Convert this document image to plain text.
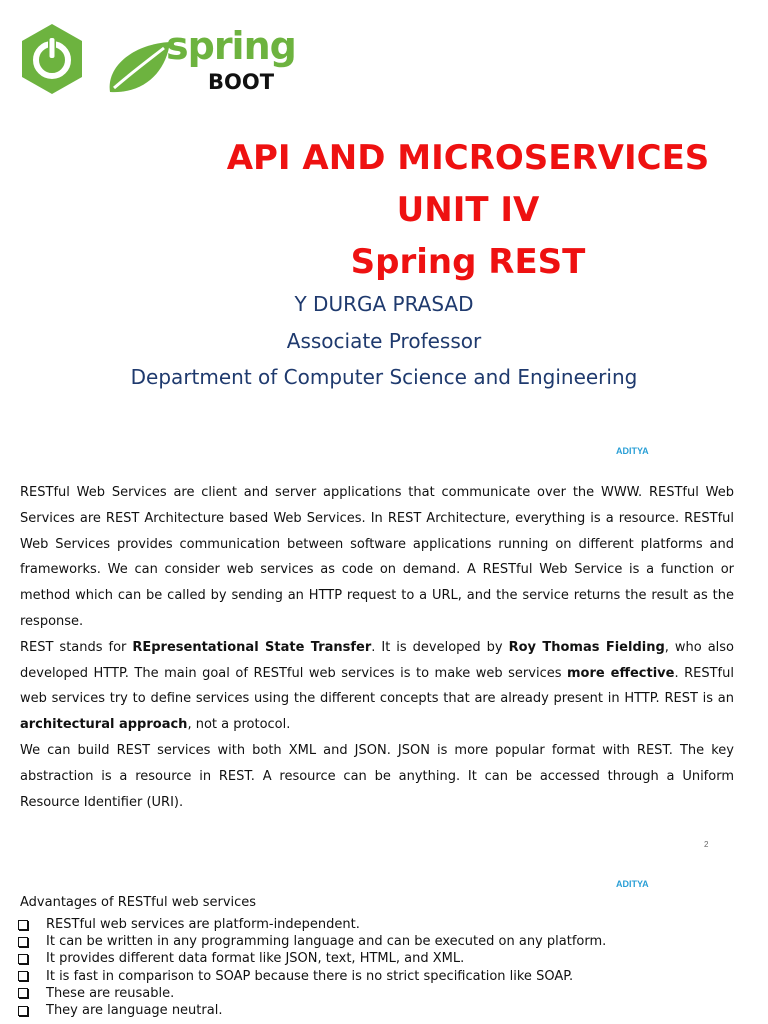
spring
BOOT
API AND MICROSERVICES
UNIT IV
Spring REST
Y DURGA PRASAD
Associate Professor
Department of Computer Science and Engineering
ADITYA

RESTful Web Services are client and server applications that communicate over the WWW. RESTful Web Services are REST Architecture based Web Services. In REST Architecture, everything is a resource. RESTful Web Services provides communication between software applications running on different platforms and frameworks. We can consider web services as code on demand. A RESTful Web Service is a function or method which can be called by sending an HTTP request to a URL, and the service returns the result as the response.

REST stands for REpresentational State Transfer. It is developed by Roy Thomas Fielding, who also developed HTTP. The main goal of RESTful web services is to make web services more effective. RESTful web services try to define services using the different concepts that are already present in HTTP. REST is an architectural approach, not a protocol.

We can build REST services with both XML and JSON. JSON is more popular format with REST. The key abstraction is a resource in REST. A resource can be anything. It can be accessed through a Uniform Resource Identifier (URI).

2
ADITYA
Advantages of RESTful web services
RESTful web services are platform-independent.
It can be written in any programming language and can be executed on any platform.
It provides different data format like JSON, text, HTML, and XML.
It is fast in comparison to SOAP because there is no strict specification like SOAP.
These are reusable.
They are language neutral.
